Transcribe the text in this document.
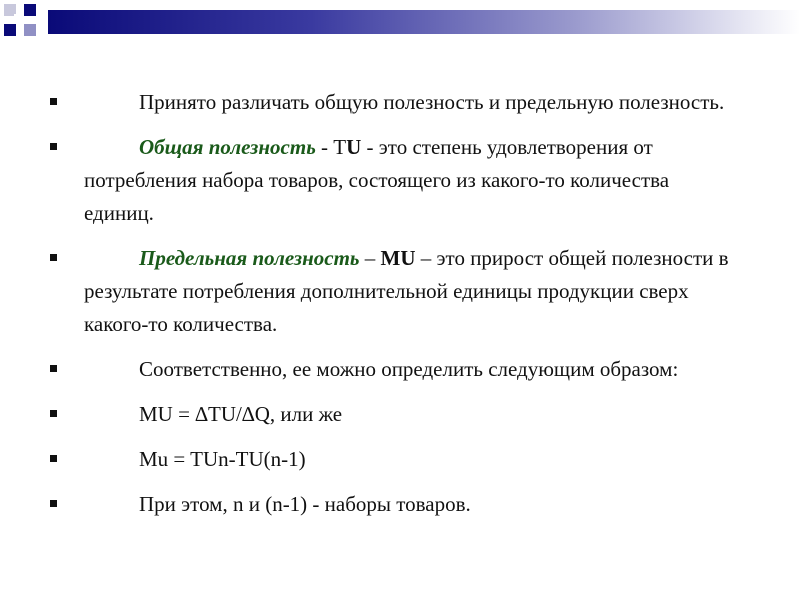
Принято различать общую полезность и предельную полезность.
Общая полезность - TU - это степень удовлетворения от потребления набора товаров, состоящего из какого-то количества единиц.
Предельная полезность – MU – это прирост общей полезности в результате потребления дополнительной единицы продукции сверх какого-то количества.
Соответственно, ее можно определить следующим образом:
MU = ∆TU/∆Q, или же
Mu = TUn-TU(n-1)
При этом, n и (n-1) - наборы товаров.
